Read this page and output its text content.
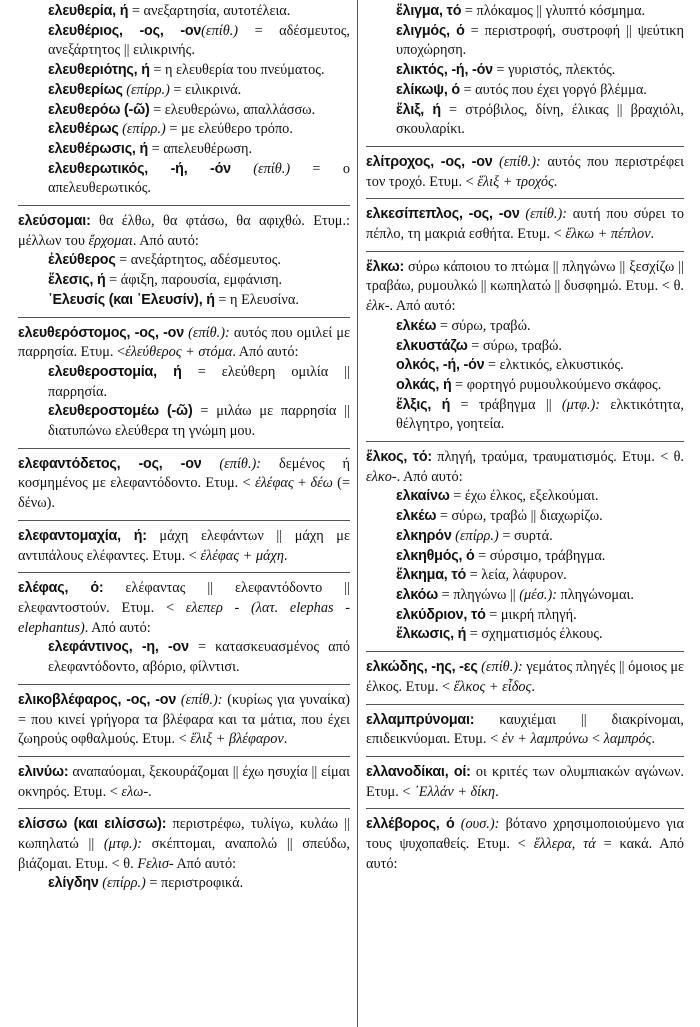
ελευθερία, ή = ανεξαρτησία, αυτοτέλεια.
ελευθέριος, -ος, -ον(επίθ.) = αδέσμευτος, ανεξάρτητος || ειλικρινής.
ελευθεριότης, ή = η ελευθερία του πνεύματος.
ελευθερίως (επίρρ.) = ειλικρινά.
ελευθερόω (-ῶ) = ελευθερώνω, απαλλάσσω.
ελευθέρως (επίρρ.) = με ελεύθερο τρόπο.
ελευθέρωσις, ή = απελευθέρωση.
ελευθερωτικός, -ή, -όν (επίθ.) = ο απελευθερωτικός.
ελεύσομαι: θα έλθω, θα φτάσω, θα αφιχθώ. Ετυμ.: μέλλων του ἔρχομαι. Από αυτό:
ἐλεύθερος = ανεξάρτητος, αδέσμευτος.
ἔλεσις, ή = άφιξη, παρουσία, εμφάνιση.
᾿Ελευσίς (και ᾿Ελευσίν), ή = η Ελευσίνα.
ελευθερόστομος, -ος, -ον (επίθ.): αυτός που ομιλεί με παρρησία. Ετυμ. <ἐλεύθερος + στόμα. Από αυτό:
ελευθεροστομία, ή = ελεύθερη ομιλία || παρρησία.
ελευθεροστομέω (-ῶ) = μιλάω με παρρησία || διατυπώνω ελεύθερα τη γνώμη μου.
ελεφαντόδετος, -ος, -ον (επίθ.): δεμένος ή κοσμημένος με ελεφαντόδοντο. Ετυμ. < ἐλέφας + δέω (= δένω).
ελεφαντομαχία, ή: μάχη ελεφάντων || μάχη με αντιπάλους ελέφαντες. Ετυμ. < ἐλέφας + μάχη.
ελέφας, ό: ελέφαντας || ελεφαντόδοντο || ελεφαντοστούν. Ετυμ. < ελεπερ - (λατ. elephas - elephantus). Από αυτό:
ελεφάντινος, -η, -ον = κατασκευασμένος από ελεφαντόδοντο, αβόριο, φίλντισι.
ελικοβλέφαρος, -ος, -ον (επίθ.): (κυρίως για γυναίκα) = που κινεί γρήγορα τα βλέφαρα και τα μάτια, που έχει ζωηρούς οφθαλμούς. Ετυμ. < ἕλιξ + βλέφαρον.
ελινύω: αναπαύομαι, ξεκουράζομαι || έχω ησυχία || είμαι οκνηρός. Ετυμ. < ελω-.
ελίσσω (και ειλίσσω): περιστρέφω, τυλίγω, κυλάω || κωπηλατώ || (μτφ.): σκέπτομαι, αναπολώ || σπεύδω, βιάζομαι. Ετυμ. < θ. Fελισ- Από αυτό:
ελίγδην (επίρρ.) = περιστροφικά.
ἕλιγμα, τό = πλόκαμος || γλυπτό κόσμημα.
ελιγμός, ό = περιστροφή, συστροφή || ψεύτικη υποχώρηση.
ελικτός, -ή, -όν = γυριστός, πλεκτός.
ελίκωψ, ό = αυτός που έχει γοργό βλέμμα.
ἕλιξ, ή = στρόβιλος, δίνη, έλικας || βραχιόλι, σκουλαρίκι.
ελίτροχος, -ος, -ον (επίθ.): αυτός που περιστρέφει τον τροχό. Ετυμ. < ἕλιξ + τροχός.
ελκεσίπεπλος, -ος, -ον (επίθ.): αυτή που σύρει το πέπλο, τη μακριά εσθήτα. Ετυμ. < ἕλκω + πέπλον.
ἕλκω: σύρω κάποιου το πτώμα || πληγώνω || ξεσχίζω || τραβάω, ρυμουλκώ || κωπηλατώ || δυσφημώ. Ετυμ. < θ. ἑλκ-. Από αυτό:
ελκέω = σύρω, τραβώ.
ελκυστάζω = σύρω, τραβώ.
ολκός, -ή, -όν = ελκτικός, ελκυστικός.
ολκάς, ή = φορτηγό ρυμουλκούμενο σκάφος.
ἕλξις, ή = τράβηγμα || (μτφ.): ελκτικότητα, θέλγητρο, γοητεία.
ἕλκος, τό: πληγή, τραύμα, τραυματισμός. Ετυμ. < θ. ελκο-. Από αυτό:
ελκαίνω = έχω έλκος, εξελκούμαι.
ελκέω = σύρω, τραβώ || διαχωρίζω.
ελκηρόν (επίρρ.) = συρτά.
ελκηθμός, ό = σύρσιμο, τράβηγμα.
ἕλκημα, τό = λεία, λάφυρον.
ελκόω = πληγώνω || (μέσ.): πληγώνομαι.
ελκύδριον, τό = μικρή πληγή.
ἕλκωσις, ή = σχηματισμός έλκους.
ελκώδης, -ης, -ες (επίθ.): γεμάτος πληγές || όμοιος με έλκος. Ετυμ. < ἕλκος + εἶδος.
ελλαμπρύνομαι: καυχιέμαι || διακρίνομαι, επιδεικνύομαι. Ετυμ. < ἐν + λαμπρύνω < λαμπρός.
ελλανοδίκαι, οί: οι κριτές των ολυμπιακών αγώνων. Ετυμ. < ᾿Ελλάν + δίκη.
ελλέβορος, ό (ουσ.): βότανο χρησιμοποιούμενο για τους ψυχοπαθείς. Ετυμ. < ἕλλερα, τά = κακά. Από αυτό:
